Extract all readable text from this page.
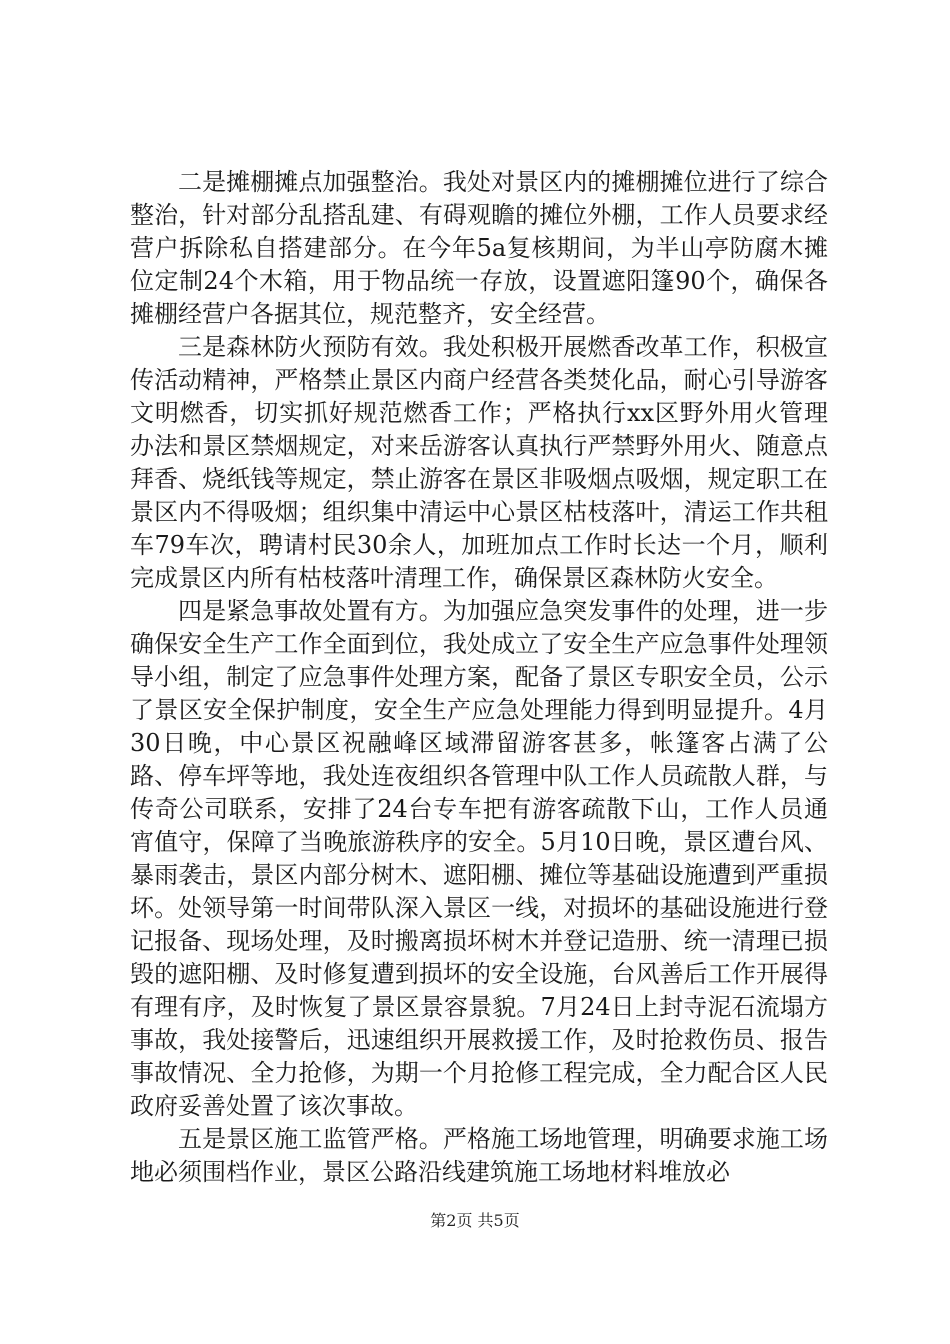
二是摊棚摊点加强整治。我处对景区内的摊棚摊位进行了综合整治，针对部分乱搭乱建、有碍观瞻的摊位外棚，工作人员要求经营户拆除私自搭建部分。在今年5a复核期间，为半山亭防腐木摊位定制24个木箱，用于物品统一存放，设置遮阳篷90个，确保各摊棚经营户各据其位，规范整齐，安全经营。

三是森林防火预防有效。我处积极开展燃香改革工作，积极宣传活动精神，严格禁止景区内商户经营各类焚化品，耐心引导游客文明燃香，切实抓好规范燃香工作；严格执行xx区野外用火管理办法和景区禁烟规定，对来岳游客认真执行严禁野外用火、随意点拜香、烧纸钱等规定，禁止游客在景区非吸烟点吸烟，规定职工在景区内不得吸烟；组织集中清运中心景区枯枝落叶，清运工作共租车79车次，聘请村民30余人，加班加点工作时长达一个月，顺利完成景区内所有枯枝落叶清理工作，确保景区森林防火安全。

四是紧急事故处置有方。为加强应急突发事件的处理，进一步确保安全生产工作全面到位，我处成立了安全生产应急事件处理领导小组，制定了应急事件处理方案，配备了景区专职安全员，公示了景区安全保护制度，安全生产应急处理能力得到明显提升。4月30日晚，中心景区祝融峰区域滞留游客甚多，帐篷客占满了公路、停车坪等地，我处连夜组织各管理中队工作人员疏散人群，与传奇公司联系，安排了24台专车把有游客疏散下山，工作人员通宵值守，保障了当晚旅游秩序的安全。5月10日晚，景区遭台风、暴雨袭击，景区内部分树木、遮阳棚、摊位等基础设施遭到严重损坏。处领导第一时间带队深入景区一线，对损坏的基础设施进行登记报备、现场处理，及时搬离损坏树木并登记造册、统一清理已损毁的遮阳棚、及时修复遭到损坏的安全设施，台风善后工作开展得有理有序，及时恢复了景区景容景貌。7月24日上封寺泥石流塌方事故，我处接警后，迅速组织开展救援工作，及时抢救伤员、报告事故情况、全力抢修，为期一个月抢修工程完成，全力配合区人民政府妥善处置了该次事故。

五是景区施工监管严格。严格施工场地管理，明确要求施工场地必须围档作业，景区公路沿线建筑施工场地材料堆放必

第2页 共5页
